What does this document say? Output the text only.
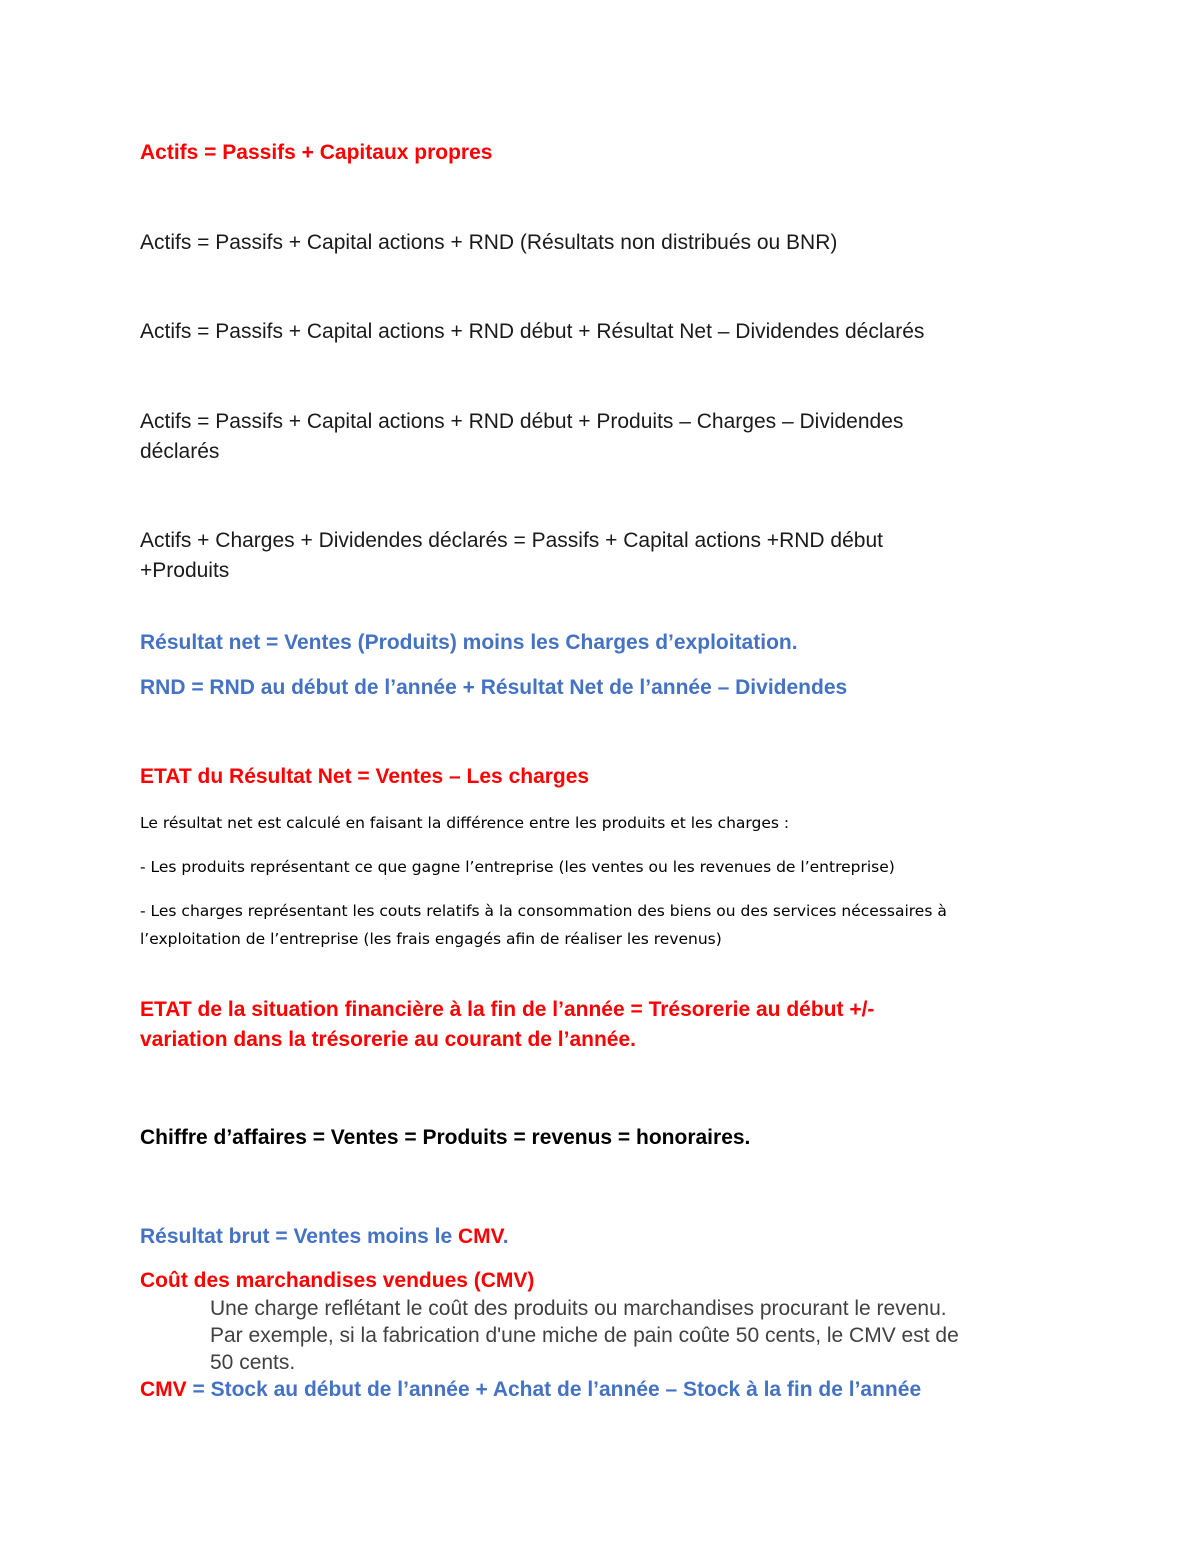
Actifs = Passifs + Capitaux propres

Actifs = Passifs + Capital actions + RND (Résultats non distribués ou BNR)

Actifs = Passifs + Capital actions + RND début + Résultat Net – Dividendes déclarés

Actifs = Passifs + Capital actions + RND début + Produits – Charges – Dividendes

déclarés

Actifs + Charges + Dividendes déclarés = Passifs + Capital actions +RND début

+Produits

Résultat net = Ventes (Produits) moins les Charges d’exploitation.

RND = RND au début de l’année + Résultat Net de l’année – Dividendes

ETAT du Résultat Net = Ventes – Les charges

Le résultat net est calculé en faisant la différence entre les produits et les charges :

- Les produits représentant ce que gagne l’entreprise (les ventes ou les revenues de l’entreprise)

- Les charges représentant les couts relatifs à la consommation des biens ou des services nécessaires à

l’exploitation de l’entreprise (les frais engagés afin de réaliser les revenus)

ETAT de la situation financière à la fin de l’année = Trésorerie au début +/-

variation dans la trésorerie au courant de l’année.

Chiffre d’affaires = Ventes = Produits = revenus = honoraires.

Résultat brut = Ventes moins le CMV.

Coût des marchandises vendues (CMV)

Une charge reflétant le coût des produits ou marchandises procurant le revenu.

Par exemple, si la fabrication d'une miche de pain coûte 50 cents, le CMV est de

50 cents.

CMV = Stock au début de l’année + Achat de l’année – Stock à la fin de l’année
